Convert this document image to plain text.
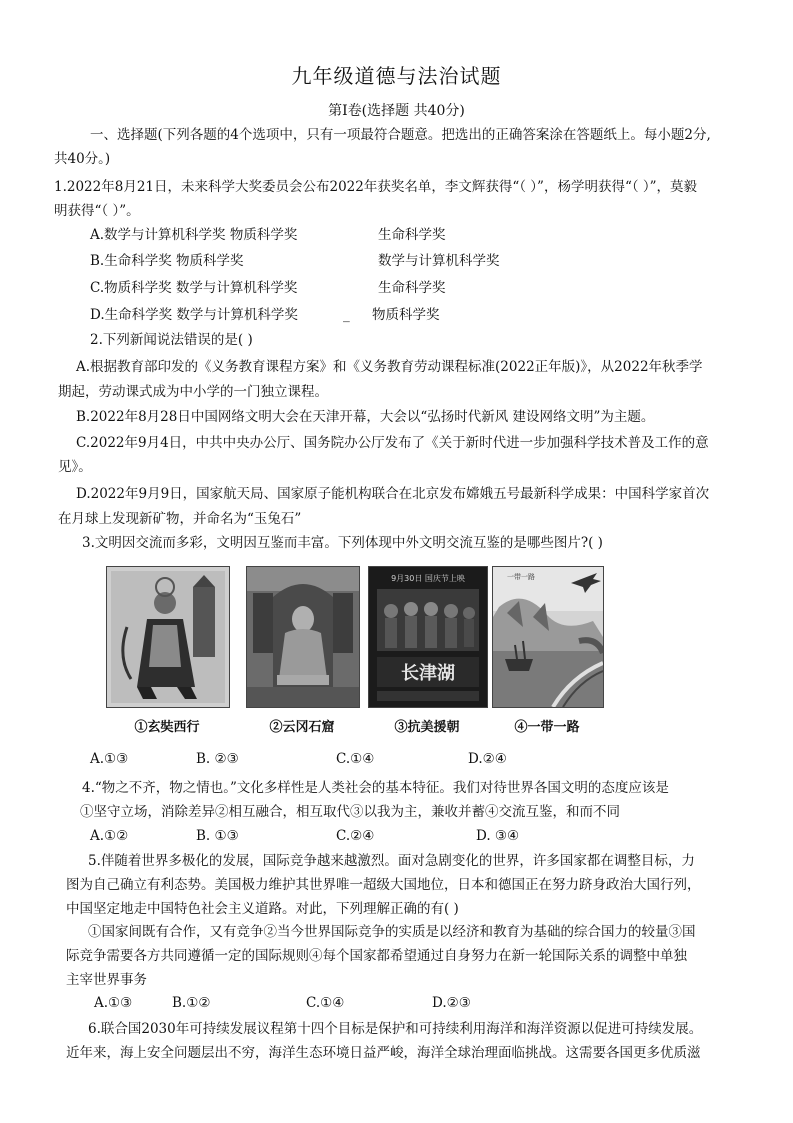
九年级道德与法治试题
第Ⅰ卷(选择题 共40分)
一、选择题(下列各题的4个选项中，只有一项最符合题意。把选出的正确答案涂在答题纸上。每小题2分,
共40分。)
1.2022年8月21日，未来科学大奖委员会公布2022年获奖名单，李文辉获得“（ ）”，杨学明获得“（ ）”，莫毅
明获得“（ ）”。
A.数学与计算机科学奖 物质科学奖	生命科学奖
B.生命科学奖 物质科学奖	数学与计算机科学奖
C.物质科学奖 数学与计算机科学奖	生命科学奖
D.生命科学奖 数学与计算机科学奖	_ 物质科学奖
2.下列新闻说法错误的是( )
A.根据教育部印发的《义务教育课程方案》和《义务教育劳动课程标准(2022正年版)》，从2022年秋季学
期起，劳动课式成为中小学的一门独立课程。
B.2022年8月28日中国网络文明大会在天津开幕，大会以“弘扬时代新风 建设网络文明”为主题。
C.2022年9月4日，中共中央办公厅、国务院办公厅发布了《关于新时代进一步加强科学技术普及工作的意
见》。
D.2022年9月9日，国家航天局、国家原子能机构联合在北京发布嫦娥五号最新科学成果：中国科学家首次
在月球上发现新矿物，并命名为“玉兔石”
3.文明因交流而多彩，文明因互鉴而丰富。下列体现中外文明交流互鉴的是哪些图片?( )
9月30日 国庆节上映
长津湖
一带一路
①玄奘西行	②云冈石窟	③抗美援朝	④一带一路
A.①③	B. ②③	C.①④	D.②④
4.“物之不齐，物之情也。”文化多样性是人类社会的基本特征。我们对待世界各国文明的态度应该是
①坚守立场，消除差异②相互融合，相互取代③以我为主，兼收并蓄④交流互鉴，和而不同
A.①②	B. ①③	C.②④	D. ③④
5.伴随着世界多极化的发展，国际竞争越来越激烈。面对急剧变化的世界，许多国家都在调整目标，力
图为自己确立有利态势。美国极力维护其世界唯一超级大国地位，日本和德国正在努力跻身政治大国行列，
中国坚定地走中国特色社会主义道路。对此，下列理解正确的有( )
①国家间既有合作，又有竞争②当今世界国际竞争的实质是以经济和教育为基础的综合国力的较量③国
际竞争需要各方共同遵循一定的国际规则④每个国家都希望通过自身努力在新一轮国际关系的调整中单独
主宰世界事务
A.①③	B.①②	C.①④	D.②③
6.联合国2030年可持续发展议程第十四个目标是保护和可持续利用海洋和海洋资源以促进可持续发展。
近年来，海上安全问题层出不穷，海洋生态环境日益严峻，海洋全球治理面临挑战。这需要各国更多优质滋
